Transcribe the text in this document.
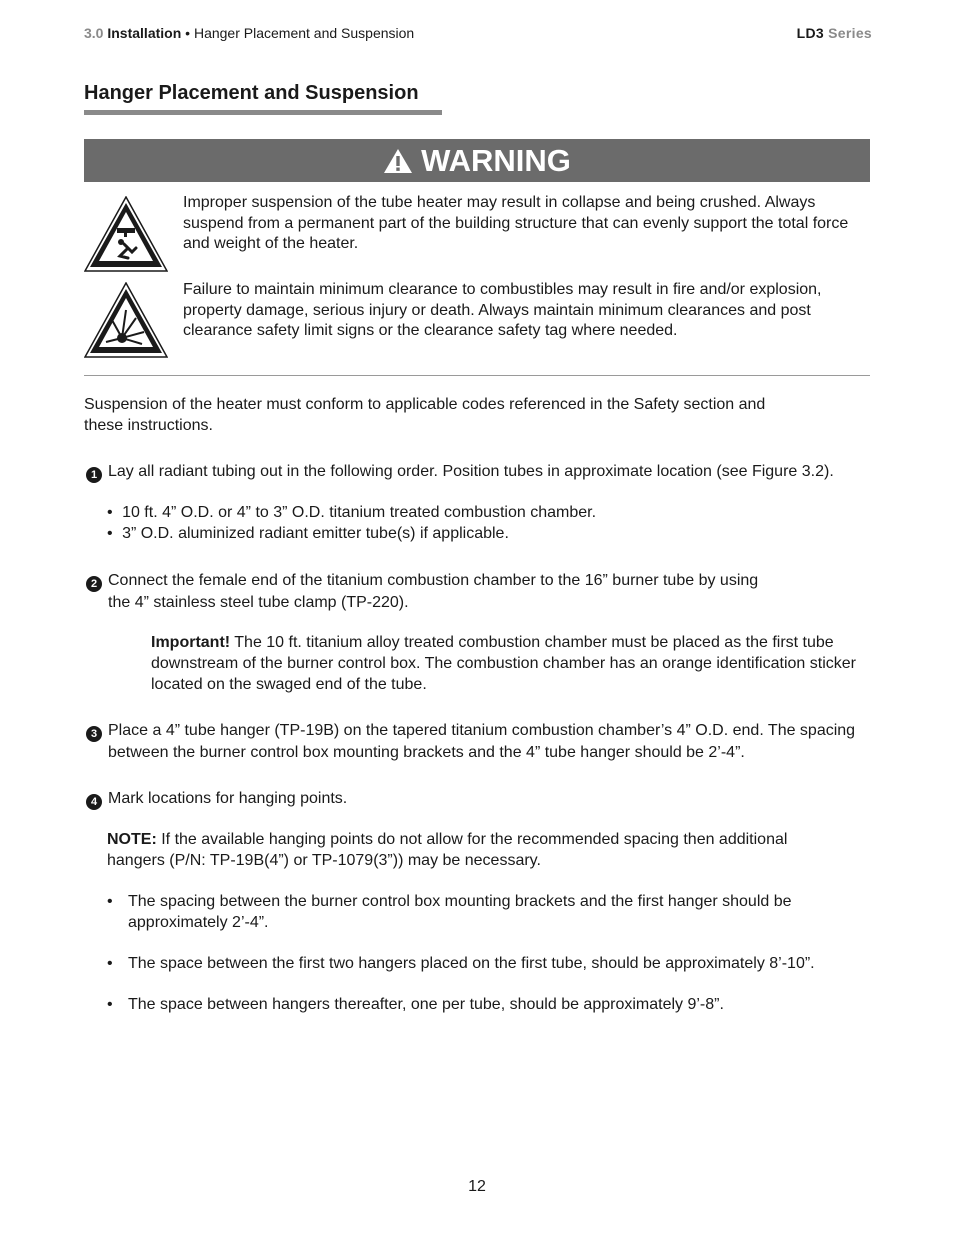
3.0 Installation • Hanger Placement and Suspension	LD3 Series
Hanger Placement and Suspension
WARNING
Improper suspension of the tube heater may result in collapse and being crushed. Always suspend from a permanent part of the building structure that can evenly support the total force and weight of the heater.
Failure to maintain minimum clearance to combustibles may result in fire and/or explosion, property damage, serious injury or death. Always maintain minimum clearances and post clearance safety limit signs or the clearance safety tag where needed.
Suspension of the heater must conform to applicable codes referenced in the Safety section and these instructions.
1 Lay all radiant tubing out in the following order. Position tubes in approximate location (see Figure 3.2).
• 10 ft. 4” O.D. or 4” to 3” O.D. titanium treated combustion chamber.
• 3” O.D. aluminized radiant emitter tube(s) if applicable.
2 Connect the female end of the titanium combustion chamber to the 16” burner tube by using the 4” stainless steel tube clamp (TP-220).
Important! The 10 ft. titanium alloy treated combustion chamber must be placed as the first tube downstream of the burner control box. The combustion chamber has an orange identification sticker located on the swaged end of the tube.
3 Place a 4” tube hanger (TP-19B) on the tapered titanium combustion chamber’s 4” O.D. end. The spacing between the burner control box mounting brackets and the 4” tube hanger should be 2’-4”.
4 Mark locations for hanging points.
NOTE: If the available hanging points do not allow for the recommended spacing then additional hangers (P/N: TP-19B(4”) or TP-1079(3”)) may be necessary.
• The spacing between the burner control box mounting brackets and the first hanger should be approximately 2’-4”.
• The space between the first two hangers placed on the first tube, should be approximately 8’-10”.
• The space between hangers thereafter, one per tube, should be approximately 9’-8”.
12
